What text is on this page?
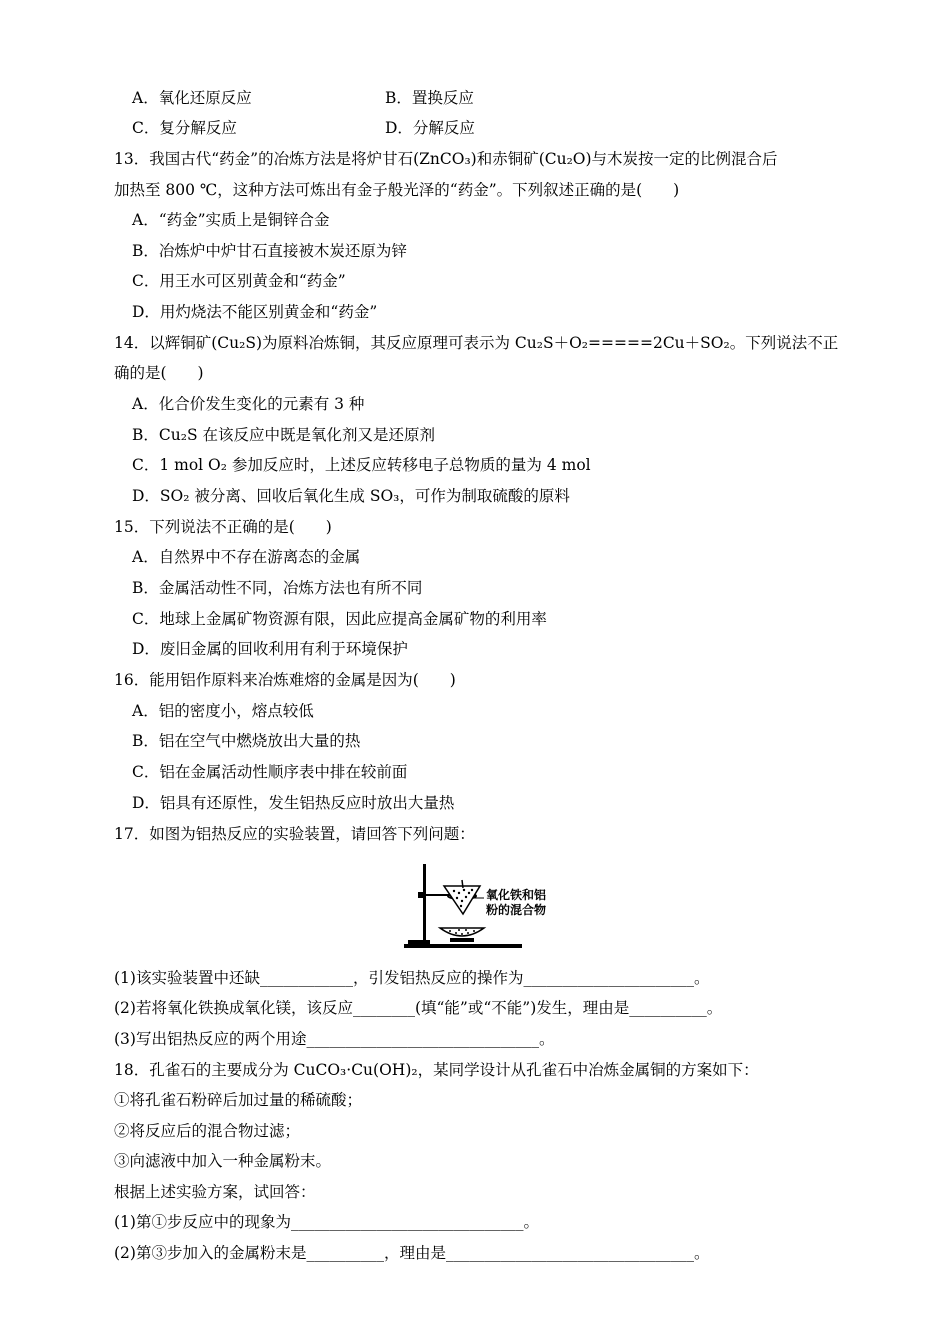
A．氧化还原反应	B．置换反应
C．复分解反应	D．分解反应
13．我国古代“药金”的冶炼方法是将炉甘石(ZnCO₃)和赤铜矿(Cu₂O)与木炭按一定的比例混合后
加热至 800 ℃，这种方法可炼出有金子般光泽的“药金”。下列叙述正确的是(　　)
A．“药金”实质上是铜锌合金
B．冶炼炉中炉甘石直接被木炭还原为锌
C．用王水可区别黄金和“药金”
D．用灼烧法不能区别黄金和“药金”
14．以辉铜矿(Cu₂S)为原料冶炼铜，其反应原理可表示为 Cu₂S＋O₂=====2Cu＋SO₂。下列说法不正
确的是(　　)
A．化合价发生变化的元素有 3 种
B．Cu₂S 在该反应中既是氧化剂又是还原剂
C．1 mol O₂ 参加反应时，上述反应转移电子总物质的量为 4 mol
D．SO₂ 被分离、回收后氧化生成 SO₃，可作为制取硫酸的原料
15．下列说法不正确的是(　　)
A．自然界中不存在游离态的金属
B．金属活动性不同，冶炼方法也有所不同
C．地球上金属矿物资源有限，因此应提高金属矿物的利用率
D．废旧金属的回收利用有利于环境保护
16．能用铝作原料来冶炼难熔的金属是因为(　　)
A．铝的密度小，熔点较低
B．铝在空气中燃烧放出大量的热
C．铝在金属活动性顺序表中排在较前面
D．铝具有还原性，发生铝热反应时放出大量热
17．如图为铝热反应的实验装置，请回答下列问题：
氧化铁和铝
粉的混合物
(1)该实验装置中还缺____________，引发铝热反应的操作为______________________。
(2)若将氧化铁换成氧化镁，该反应________(填“能”或“不能”)发生，理由是__________。
(3)写出铝热反应的两个用途______________________________。
18．孔雀石的主要成分为 CuCO₃·Cu(OH)₂，某同学设计从孔雀石中冶炼金属铜的方案如下：
①将孔雀石粉碎后加过量的稀硫酸；
②将反应后的混合物过滤；
③向滤液中加入一种金属粉末。
根据上述实验方案，试回答：
(1)第①步反应中的现象为______________________________。
(2)第③步加入的金属粉末是__________，理由是________________________________。
